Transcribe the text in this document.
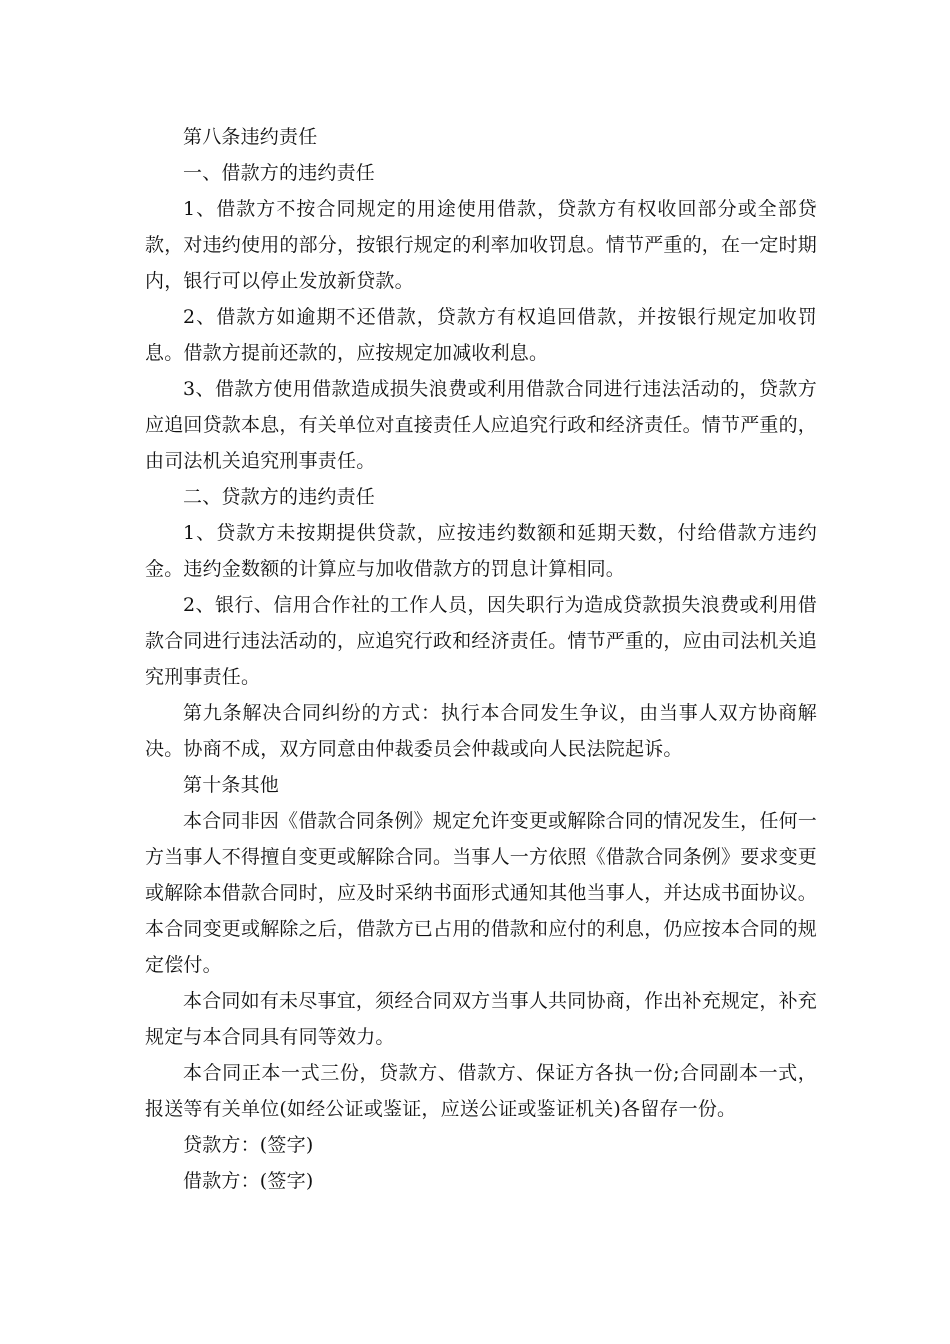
第八条违约责任

一、借款方的违约责任

1、借款方不按合同规定的用途使用借款，贷款方有权收回部分或全部贷款，对违约使用的部分，按银行规定的利率加收罚息。情节严重的，在一定时期内，银行可以停止发放新贷款。

2、借款方如逾期不还借款，贷款方有权追回借款，并按银行规定加收罚息。借款方提前还款的，应按规定加减收利息。

3、借款方使用借款造成损失浪费或利用借款合同进行违法活动的，贷款方应追回贷款本息，有关单位对直接责任人应追究行政和经济责任。情节严重的，由司法机关追究刑事责任。

二、贷款方的违约责任

1、贷款方未按期提供贷款，应按违约数额和延期天数，付给借款方违约金。违约金数额的计算应与加收借款方的罚息计算相同。

2、银行、信用合作社的工作人员，因失职行为造成贷款损失浪费或利用借款合同进行违法活动的，应追究行政和经济责任。情节严重的，应由司法机关追究刑事责任。

第九条解决合同纠纷的方式：执行本合同发生争议，由当事人双方协商解决。协商不成，双方同意由仲裁委员会仲裁或向人民法院起诉。

第十条其他

本合同非因《借款合同条例》规定允许变更或解除合同的情况发生，任何一方当事人不得擅自变更或解除合同。当事人一方依照《借款合同条例》要求变更或解除本借款合同时，应及时采纳书面形式通知其他当事人，并达成书面协议。本合同变更或解除之后，借款方已占用的借款和应付的利息，仍应按本合同的规定偿付。

本合同如有未尽事宜，须经合同双方当事人共同协商，作出补充规定，补充规定与本合同具有同等效力。

本合同正本一式三份，贷款方、借款方、保证方各执一份;合同副本一式，报送等有关单位(如经公证或鉴证，应送公证或鉴证机关)各留存一份。

贷款方：(签字)

借款方：(签字)
